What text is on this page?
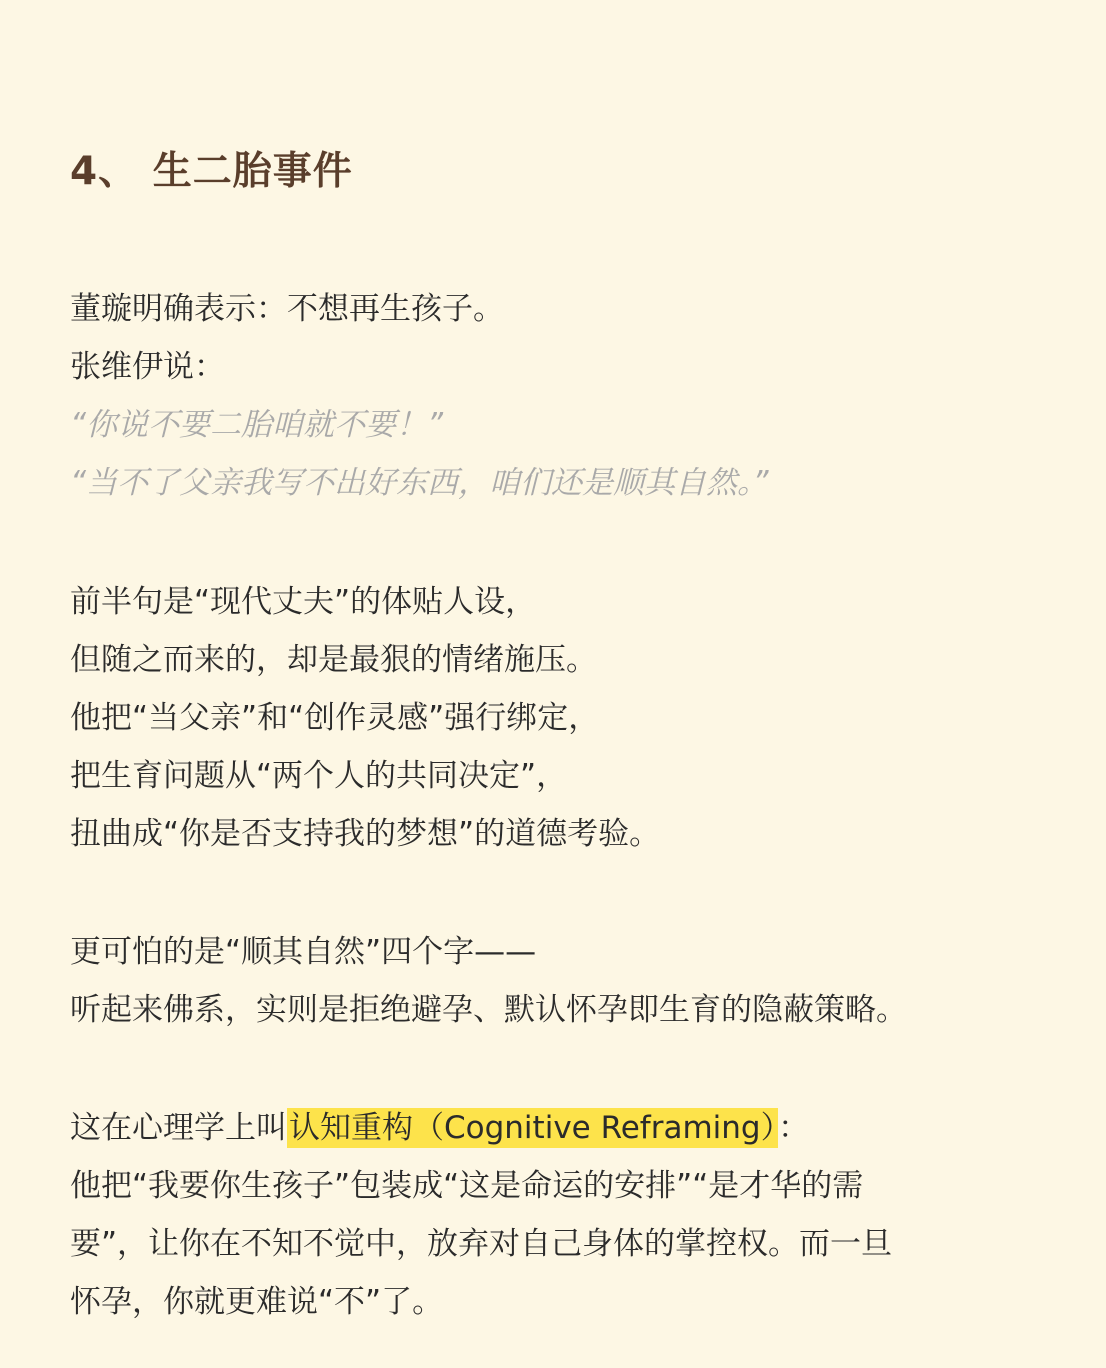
4、 生二胎事件

董璇明确表示：不想再生孩子。

张维伊说：

“你说不要二胎咱就不要！”

“当不了父亲我写不出好东西，咱们还是顺其自然。”

前半句是“现代丈夫”的体贴人设，

但随之而来的，却是最狠的情绪施压。

他把“当父亲”和“创作灵感”强行绑定，

把生育问题从“两个人的共同决定”，

扭曲成“你是否支持我的梦想”的道德考验。

更可怕的是“顺其自然”四个字——

听起来佛系，实则是拒绝避孕、默认怀孕即生育的隐蔽策略。

这在心理学上叫认知重构（Cognitive Reframing）：

他把“我要你生孩子”包装成“这是命运的安排”“是才华的需

要”，让你在不知不觉中，放弃对自己身体的掌控权。而一旦

怀孕，你就更难说“不”了。
